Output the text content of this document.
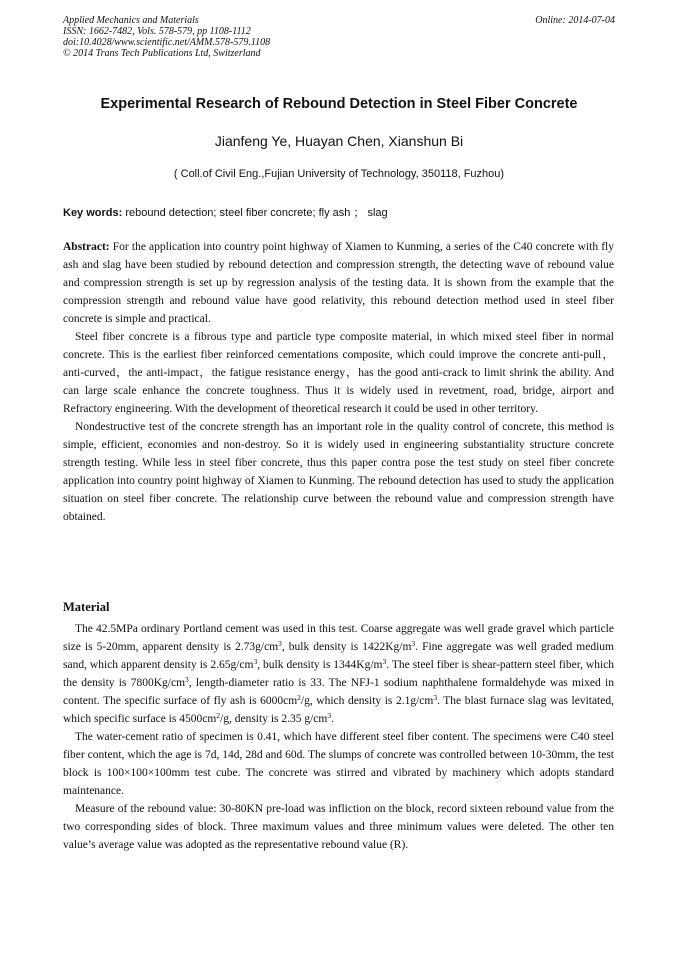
Applied Mechanics and Materials
ISSN: 1662-7482, Vols. 578-579, pp 1108-1112
doi:10.4028/www.scientific.net/AMM.578-579.1108
© 2014 Trans Tech Publications Ltd, Switzerland
Online: 2014-07-04
Experimental Research of Rebound Detection in Steel Fiber Concrete
Jianfeng Ye, Huayan Chen, Xianshun Bi
( Coll.of Civil Eng.,Fujian University of Technology, 350118, Fuzhou)
Key words: rebound detection; steel fiber concrete; fly ash ； slag

Abstract: For the application into country point highway of Xiamen to Kunming, a series of the C40 concrete with fly ash and slag have been studied by rebound detection and compression strength, the detecting wave of rebound value and compression strength is set up by regression analysis of the testing data. It is shown from the example that the compression strength and rebound value have good relativity, this rebound detection method used in steel fiber concrete is simple and practical.

Steel fiber concrete is a fibrous type and particle type composite material, in which mixed steel fiber in normal concrete. This is the earliest fiber reinforced cementations composite, which could improve the concrete anti-pull，anti-curved，the anti-impact，the fatigue resistance energy，has the good anti-crack to limit shrink the ability. And can large scale enhance the concrete toughness. Thus it is widely used in revetment, road, bridge, airport and Refractory engineering. With the development of theoretical research it could be used in other territory.

Nondestructive test of the concrete strength has an important role in the quality control of concrete, this method is simple, efficient, economies and non-destroy. So it is widely used in engineering substantiality structure concrete strength testing. While less in steel fiber concrete, thus this paper contra pose the test study on steel fiber concrete application into country point highway of Xiamen to Kunming. The rebound detection has used to study the application situation on steel fiber concrete. The relationship curve between the rebound value and compression strength have obtained.

Material

The 42.5MPa ordinary Portland cement was used in this test. Coarse aggregate was well grade gravel which particle size is 5-20mm, apparent density is $2.73g/cm^3$, bulk density is $1422Kg/m^3$. Fine aggregate was well graded medium sand, which apparent density is $2.65g/cm^3$, bulk density is $1344Kg/m^3$. The steel fiber is shear-pattern steel fiber, which the density is $7800Kg/cm^3$, length-diameter ratio is 33. The NFJ-1 sodium naphthalene formaldehyde was mixed in content. The specific surface of fly ash is $6000cm^2/g$, which density is $2.1g/cm^3$. The blast furnace slag was levitated, which specific surface is $4500cm^2/g$, density is 2.35 $g/cm^3$.

The water-cement ratio of specimen is 0.41, which have different steel fiber content. The specimens were C40 steel fiber content, which the age is 7d, 14d, 28d and 60d. The slumps of concrete was controlled between 10-30mm, the test block is 100×100×100mm test cube. The concrete was stirred and vibrated by machinery which adopts standard maintenance.

Measure of the rebound value: 30-80KN pre-load was infliction on the block, record sixteen rebound value from the two corresponding sides of block. Three maximum values and three minimum values were deleted. The other ten value’s average value was adopted as the representative rebound value (R).
